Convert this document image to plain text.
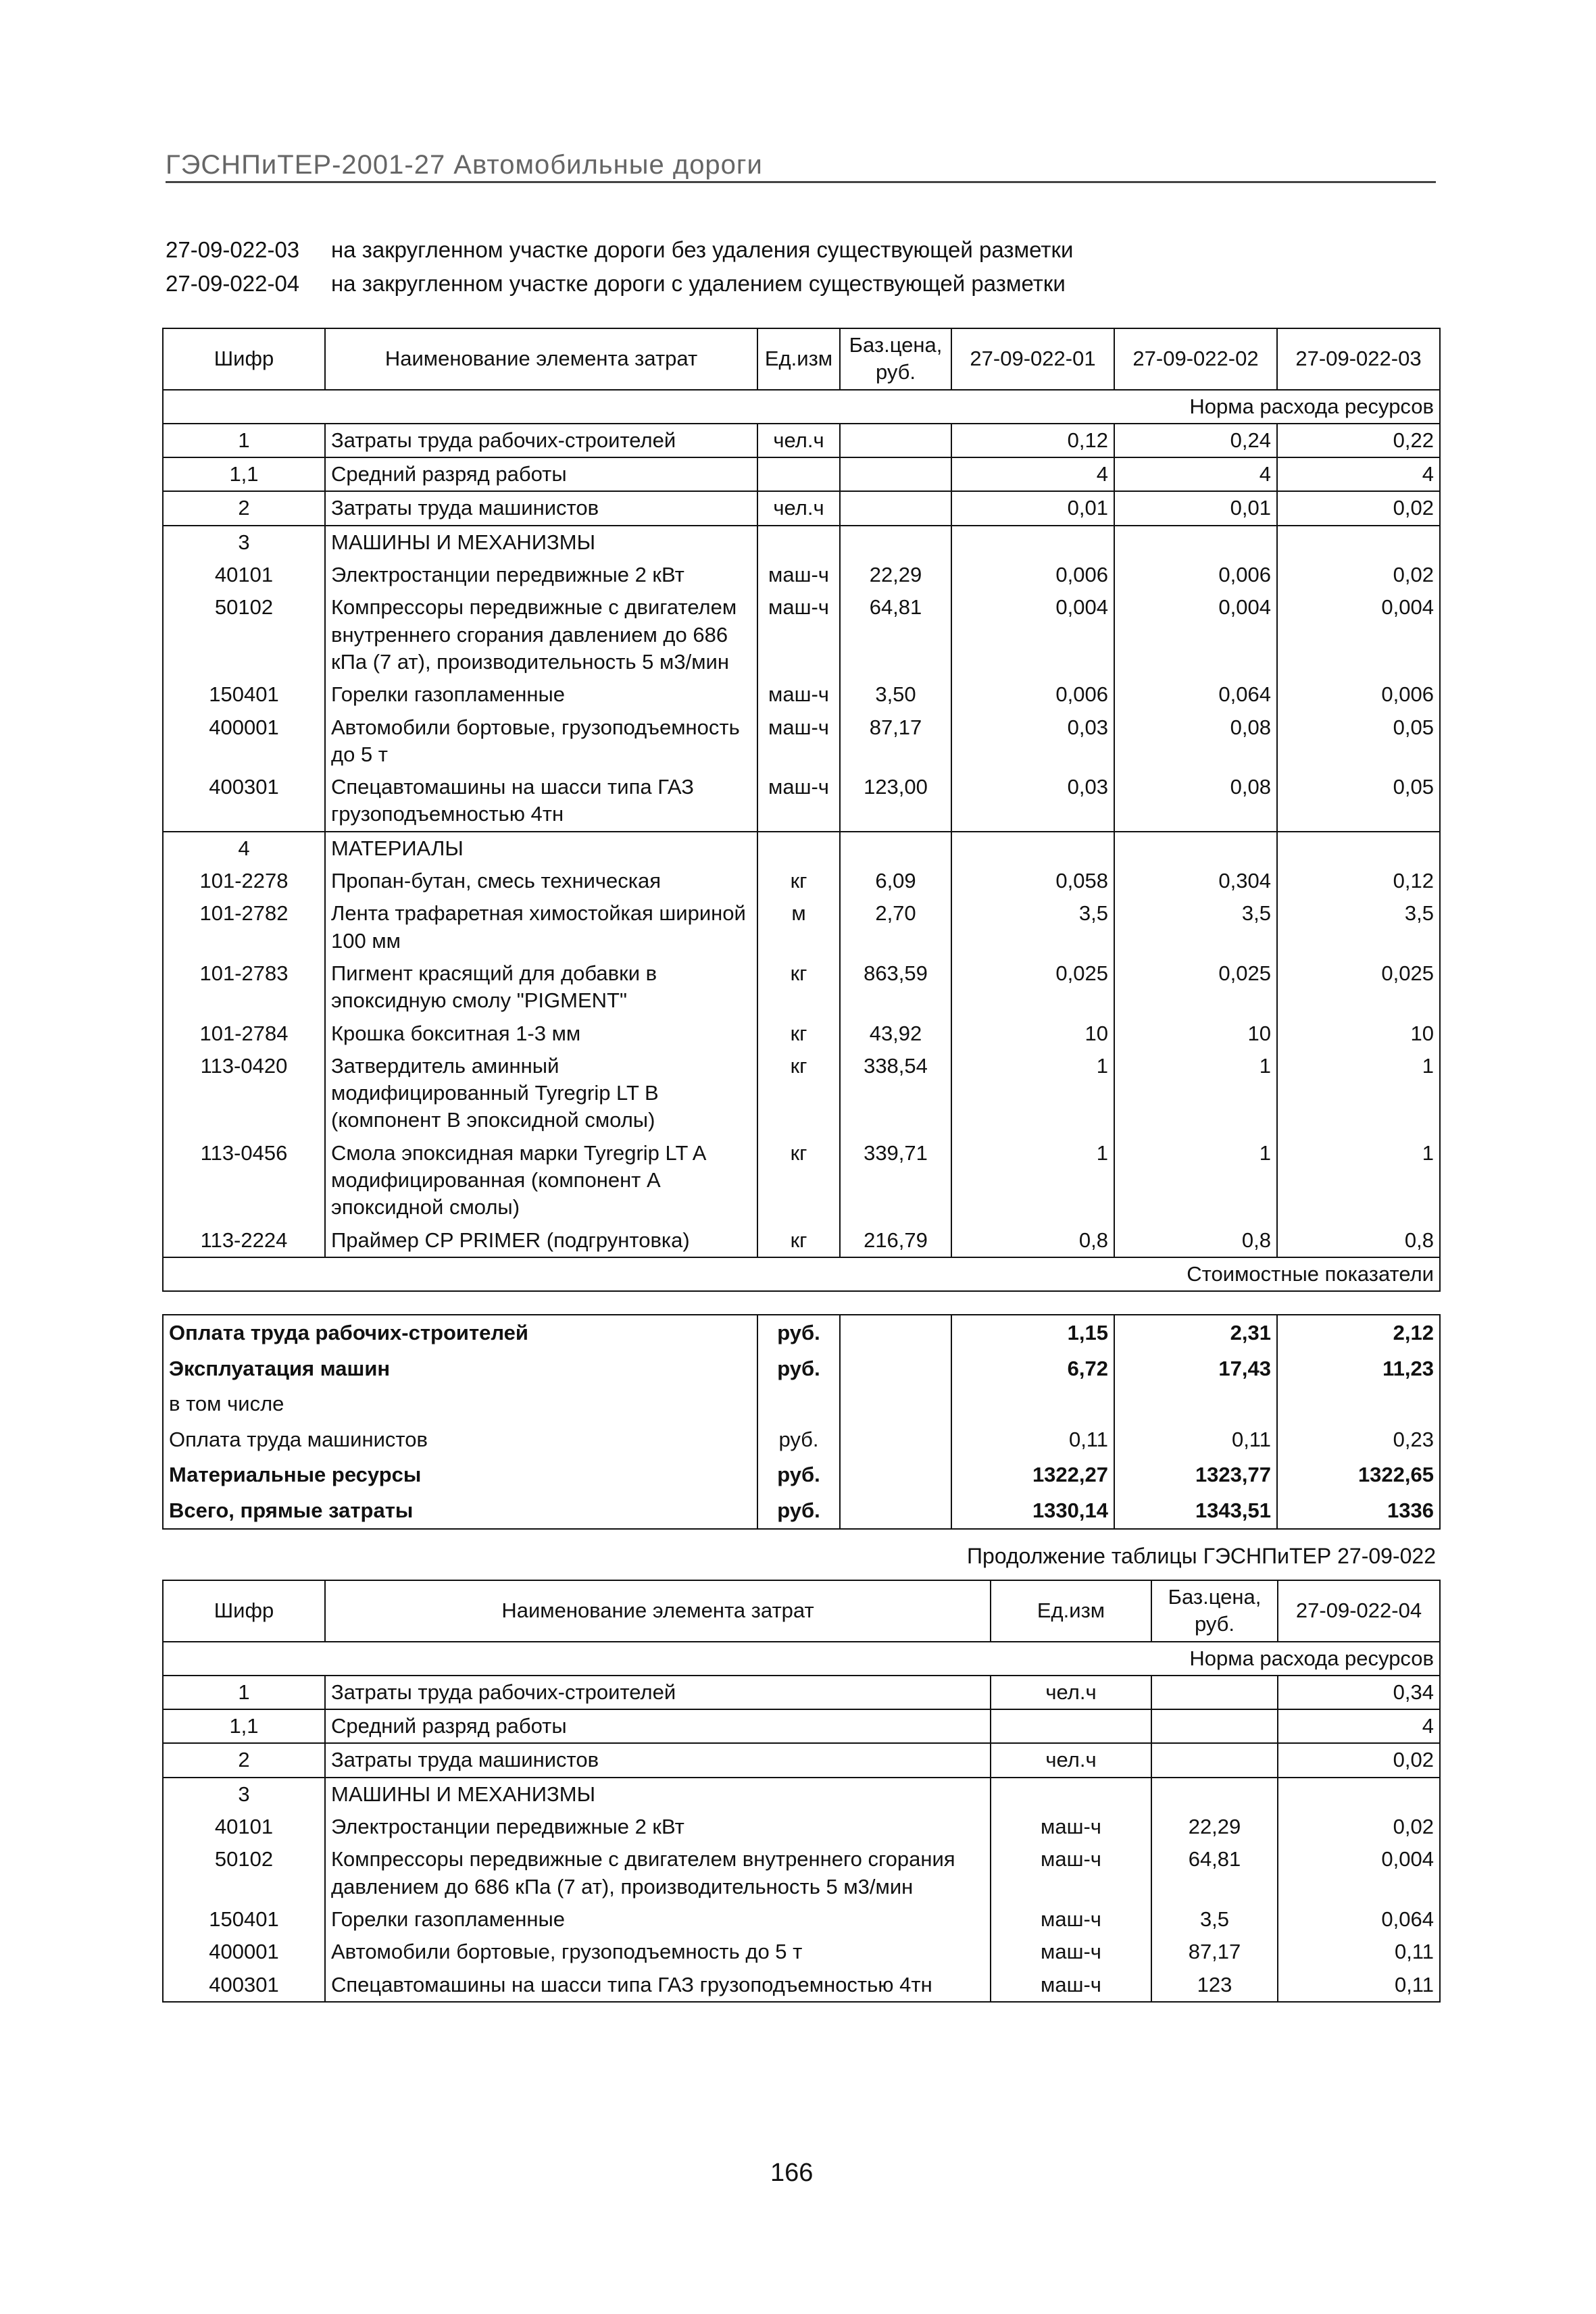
ГЭСНПиТЕР-2001-27 Автомобильные дороги
27-09-022-03	на закругленном участке дороги без удаления существующей разметки
27-09-022-04	на закругленном участке дороги с удалением существующей разметки
Шифр	Наименование элемента затрат	Ед.изм	Баз.цена, руб.	27-09-022-01	27-09-022-02	27-09-022-03
Норма расхода ресурсов						
1	Затраты труда рабочих-строителей	чел.ч		0,12	0,24	0,22
1,1	Средний разряд работы			4	4	4
2	Затраты труда машинистов	чел.ч		0,01	0,01	0,02
3	МАШИНЫ И МЕХАНИЗМЫ					
40101	Электростанции передвижные 2 кВт	маш-ч	22,29	0,006	0,006	0,02
50102	Компрессоры передвижные с двигателем внутреннего сгорания давлением до 686 кПа (7 ат), производительность 5 м3/мин	маш-ч	64,81	0,004	0,004	0,004
150401	Горелки газопламенные	маш-ч	3,50	0,006	0,064	0,006
400001	Автомобили бортовые, грузоподъемность до 5 т	маш-ч	87,17	0,03	0,08	0,05
400301	Спецавтомашины на шасси типа ГАЗ грузоподъемностью 4тн	маш-ч	123,00	0,03	0,08	0,05
4	МАТЕРИАЛЫ					
101-2278	Пропан-бутан, смесь техническая	кг	6,09	0,058	0,304	0,12
101-2782	Лента трафаретная химостойкая шириной 100 мм	м	2,70	3,5	3,5	3,5
101-2783	Пигмент красящий для добавки в эпоксидную смолу "PIGMENT"	кг	863,59	0,025	0,025	0,025
101-2784	Крошка бокситная 1-3 мм	кг	43,92	10	10	10
113-0420	Затвердитель аминный модифицированный Tyregrip LT B (компонент B эпоксидной смолы)	кг	338,54	1	1	1
113-0456	Смола эпоксидная марки Tyregrip LT A модифицированная (компонент A эпоксидной смолы)	кг	339,71	1	1	1
113-2224	Праймер CP PRIMER (подгрунтовка)	кг	216,79	0,8	0,8	0,8
Стоимостные показатели						
Оплата труда рабочих-строителей	руб.		1,15	2,31	2,12
Эксплуатация машин	руб.		6,72	17,43	11,23
в том числе					
Оплата труда машинистов	руб.		0,11	0,11	0,23
Материальные ресурсы	руб.		1322,27	1323,77	1322,65
Всего, прямые затраты	руб.		1330,14	1343,51	1336
Продолжение таблицы ГЭСНПиТЕР 27-09-022
Шифр	Наименование элемента затрат	Ед.изм	Баз.цена, руб.	27-09-022-04
Норма расхода ресурсов				
1	Затраты труда рабочих-строителей	чел.ч		0,34
1,1	Средний разряд работы			4
2	Затраты труда машинистов	чел.ч		0,02
3	МАШИНЫ И МЕХАНИЗМЫ			
40101	Электростанции передвижные 2 кВт	маш-ч	22,29	0,02
50102	Компрессоры передвижные с двигателем внутреннего сгорания давлением до 686 кПа (7 ат), производительность 5 м3/мин	маш-ч	64,81	0,004
150401	Горелки газопламенные	маш-ч	3,5	0,064
400001	Автомобили бортовые, грузоподъемность до 5 т	маш-ч	87,17	0,11
400301	Спецавтомашины на шасси типа ГАЗ грузоподъемностью 4тн	маш-ч	123	0,11
166
